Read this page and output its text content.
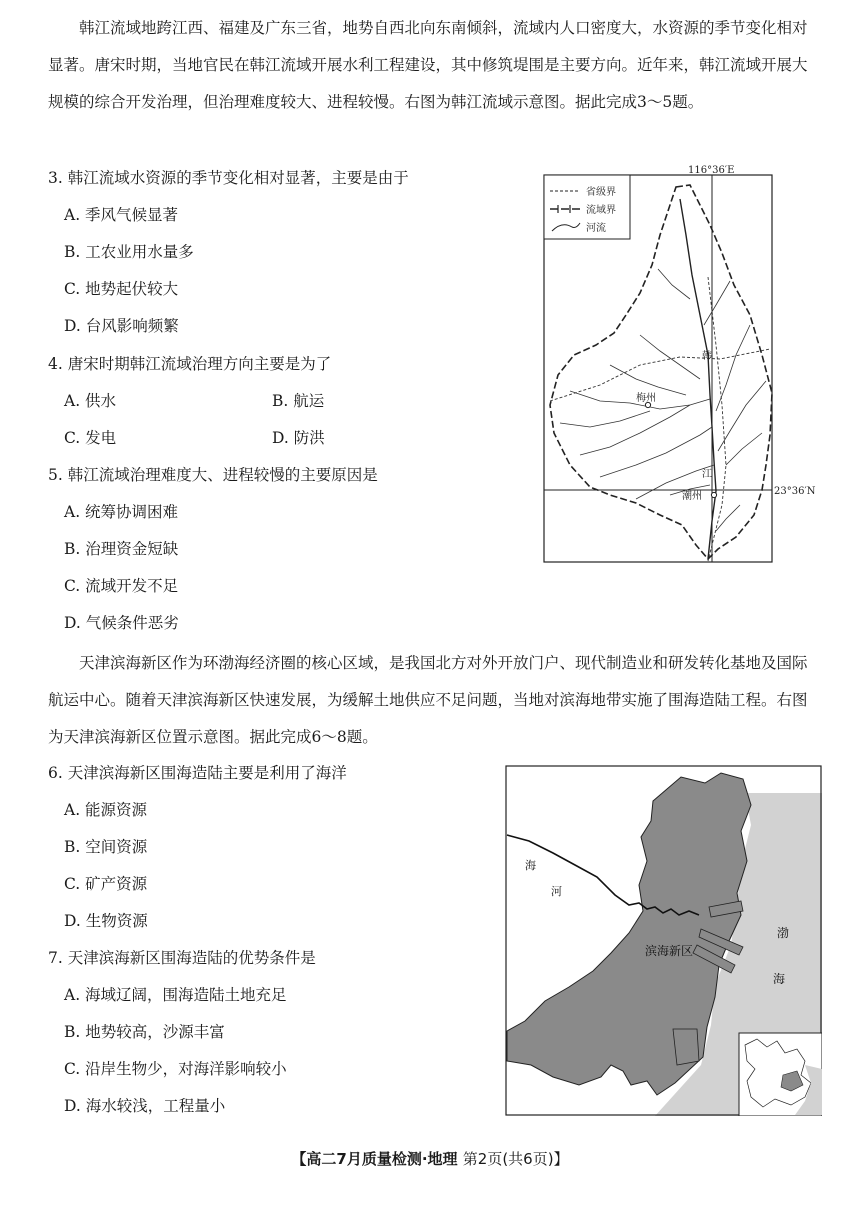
韩江流域地跨江西、福建及广东三省，地势自西北向东南倾斜，流域内人口密度大，水资源的季节变化相对显著。唐宋时期，当地官民在韩江流域开展水利工程建设，其中修筑堤围是主要方向。近年来，韩江流域开展大规模的综合开发治理，但治理难度较大、进程较慢。右图为韩江流域示意图。据此完成3～5题。

3. 韩江流域水资源的季节变化相对显著，主要是由于
A. 季风气候显著
B. 工农业用水量多
C. 地势起伏较大
D. 台风影响频繁
4. 唐宋时期韩江流域治理方向主要是为了
A. 供水	B. 航运
C. 发电	D. 防洪
5. 韩江流域治理难度大、进程较慢的主要原因是
A. 统筹协调困难
B. 治理资金短缺
C. 流域开发不足
D. 气候条件恶劣
116°36′E
23°36′N
省级界
流域界
河流
梅州
潮州
韩
江

天津滨海新区作为环渤海经济圈的核心区域，是我国北方对外开放门户、现代制造业和研发转化基地及国际航运中心。随着天津滨海新区快速发展，为缓解土地供应不足问题，当地对滨海地带实施了围海造陆工程。右图为天津滨海新区位置示意图。据此完成6～8题。

6. 天津滨海新区围海造陆主要是利用了海洋
A. 能源资源
B. 空间资源
C. 矿产资源
D. 生物资源
7. 天津滨海新区围海造陆的优势条件是
A. 海域辽阔，围海造陆土地充足
B. 地势较高，沙源丰富
C. 沿岸生物少，对海洋影响较小
D. 海水较浅，工程量小
海
河
滨海新区
渤
海
【高二7月质量检测·地理 第2页(共6页)】
